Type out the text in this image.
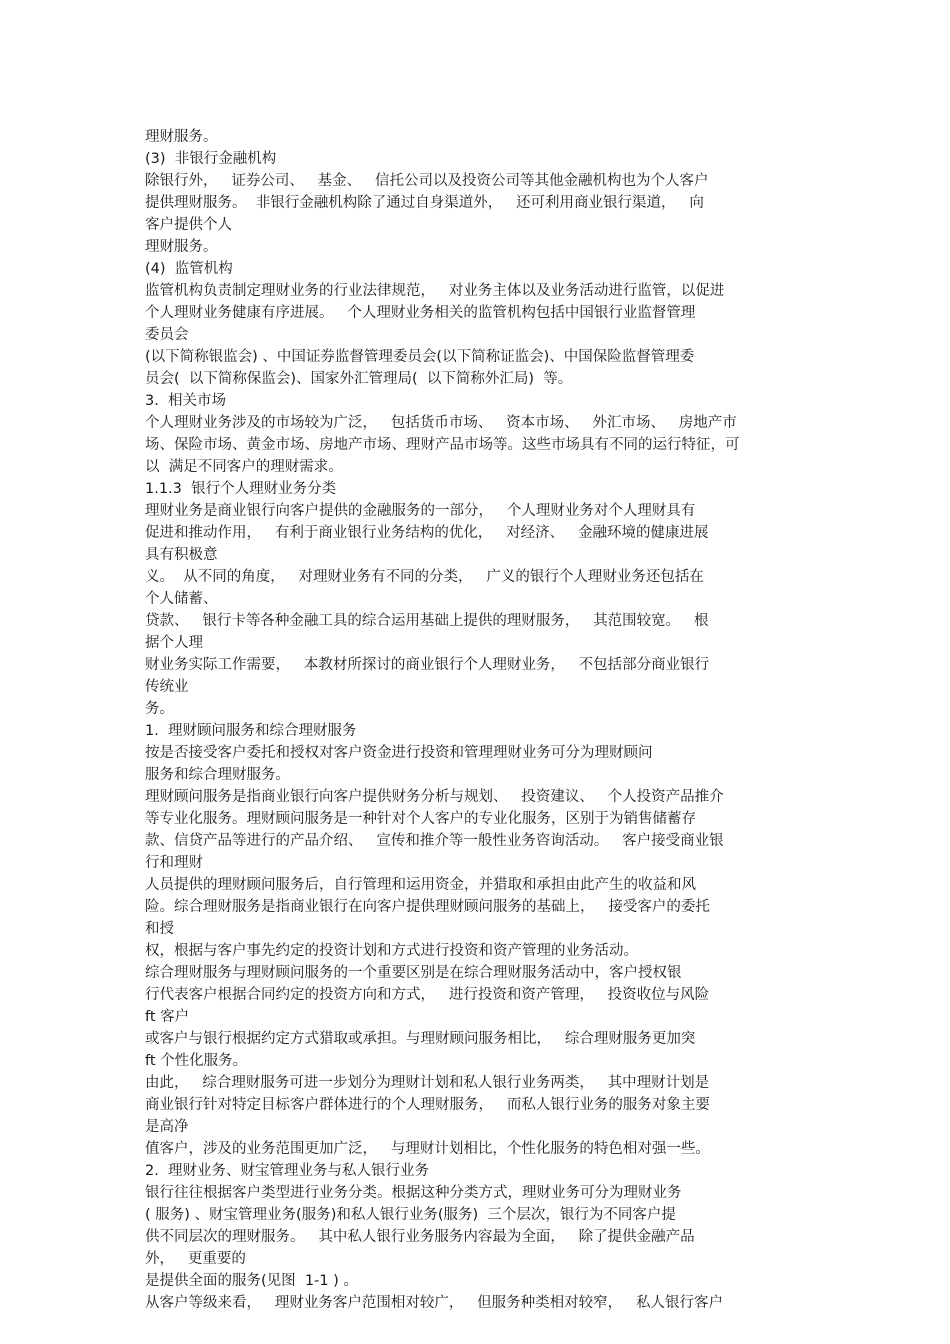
理财服务。
(3)  非银行金融机构
除银行外，   证券公司、   基金、   信托公司以及投资公司等其他金融机构也为个人客户
提供理财服务。  非银行金融机构除了通过自身渠道外，   还可利用商业银行渠道，   向
客户提供个人
理财服务。
(4)  监管机构
监管机构负责制定理财业务的行业法律规范，   对业务主体以及业务活动进行监管，以促进
个人理财业务健康有序进展。   个人理财业务相关的监管机构包括中国银行业监督管理
委员会
(以下简称银监会) 、中国证券监督管理委员会(以下简称证监会)、中国保险监督管理委
员会(  以下简称保监会)、国家外汇管理局(  以下简称外汇局)  等。
3.  相关市场
个人理财业务涉及的市场较为广泛，   包括货币市场、   资本市场、   外汇市场、   房地产市
场、保险市场、黄金市场、房地产市场、理财产品市场等。这些市场具有不同的运行特征，可
以  满足不同客户的理财需求。
1.1.3  银行个人理财业务分类
理财业务是商业银行向客户提供的金融服务的一部分，   个人理财业务对个人理财具有
促进和推动作用，   有利于商业银行业务结构的优化，   对经济、   金融环境的健康进展
具有积极意
义。  从不同的角度，   对理财业务有不同的分类，   广义的银行个人理财业务还包括在
个人储蓄、
贷款、   银行卡等各种金融工具的综合运用基础上提供的理财服务，   其范围较宽。   根
据个人理
财业务实际工作需要，   本教材所探讨的商业银行个人理财业务，   不包括部分商业银行
传统业
务。
1.  理财顾问服务和综合理财服务
按是否接受客户委托和授权对客户资金进行投资和管理理财业务可分为理财顾问
服务和综合理财服务。
理财顾问服务是指商业银行向客户提供财务分析与规划、   投资建议、   个人投资产品推介
等专业化服务。理财顾问服务是一种针对个人客户的专业化服务，区别于为销售储蓄存
款、信贷产品等进行的产品介绍、   宣传和推介等一般性业务咨询活动。   客户接受商业银
行和理财
人员提供的理财顾问服务后，自行管理和运用资金，并猎取和承担由此产生的收益和风
险。综合理财服务是指商业银行在向客户提供理财顾问服务的基础上，   接受客户的委托
和授
权，根据与客户事先约定的投资计划和方式进行投资和资产管理的业务活动。
综合理财服务与理财顾问服务的一个重要区别是在综合理财服务活动中，客户授权银
行代表客户根据合同约定的投资方向和方式，   进行投资和资产管理，   投资收位与风险
ft 客户
或客户与银行根据约定方式猎取或承担。与理财顾问服务相比，   综合理财服务更加突
ft 个性化服务。
由此，   综合理财服务可进一步划分为理财计划和私人银行业务两类，   其中理财计划是
商业银行针对特定目标客户群体进行的个人理财服务，   而私人银行业务的服务对象主要
是高净
值客户，涉及的业务范围更加广泛，   与理财计划相比，个性化服务的特色相对强一些。
2.  理财业务、财宝管理业务与私人银行业务
银行往往根据客户类型进行业务分类。根据这种分类方式，理财业务可分为理财业务
( 服务) 、财宝管理业务(服务)和私人银行业务(服务)  三个层次，银行为不同客户提
供不同层次的理财服务。   其中私人银行业务服务内容最为全面，   除了提供金融产品
外，   更重要的
是提供全面的服务(见图  1-1 ) 。
从客户等级来看，   理财业务客户范围相对较广，   但服务种类相对较窄，   私人银行客户
